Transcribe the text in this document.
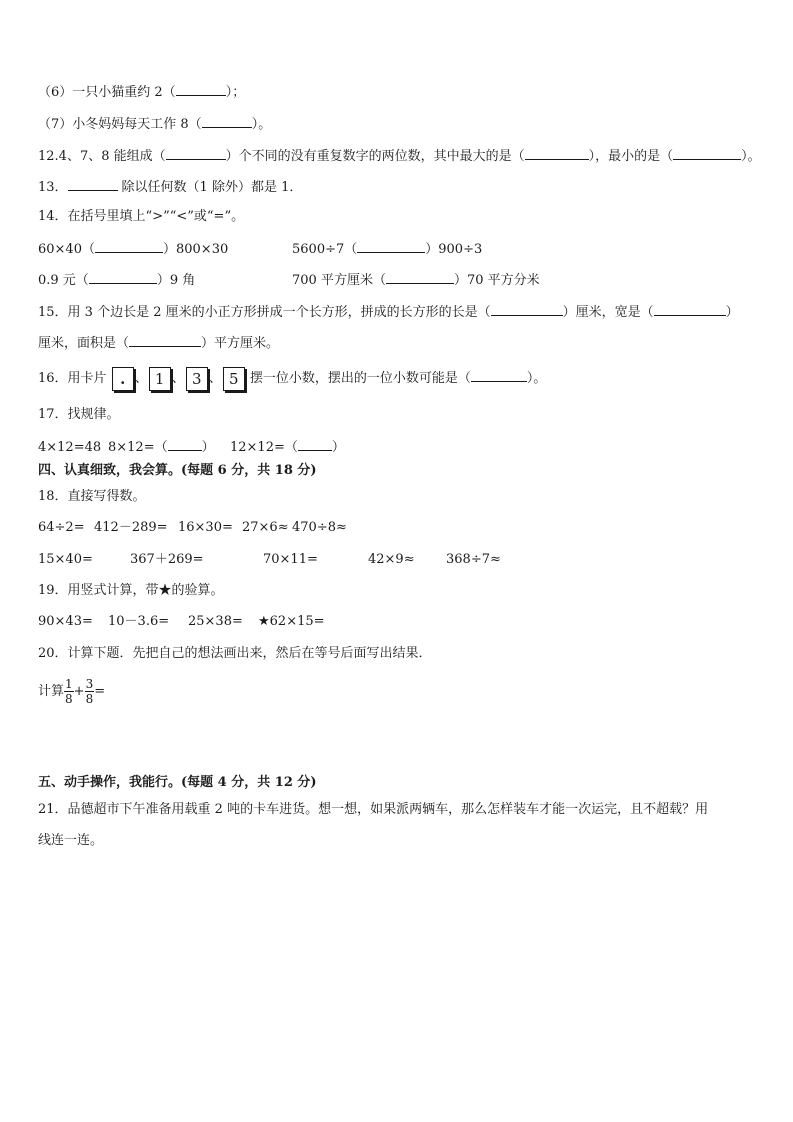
（6）一只小猫重约 2（	）；
（7）小冬妈妈每天工作 8（	）。
12.4、7、8 能组成（	）个不同的没有重复数字的两位数，其中最大的是（	），最小的是（	）。
13．	除以任何数（1 除外）都是 1．
14．在括号里填上“>”“<”或“=”。
60×40（	）800×30	5600÷7（	）900÷3
0.9 元（	）9 角	700 平方厘米（	）70 平方分米
15．用 3 个边长是 2 厘米的小正方形拼成一个长方形，拼成的长方形的长是（	）厘米，宽是（	）
厘米，面积是（	）平方厘米。
16．用卡片 . 、 1 、 3 、 5 摆一位小数，摆出的一位小数可能是（	）。
17．找规律。
4×12=48 8×12=（	） 12×12=（	）
四、认真细致，我会算。(每题 6 分，共 18 分)
18．直接写得数。
64÷2= 412－289= 16×30= 27×6≈ 470÷8≈
15×40=	367＋269=	70×11=	42×9≈ 368÷7≈
19．用竖式计算，带★的验算。
90×43= 10－3.6= 25×38= ★62×15=
20．计算下题．先把自己的想法画出来，然后在等号后面写出结果．
计算 $\frac{1}{8} + \frac{3}{8}$ =
五、动手操作，我能行。(每题 4 分，共 12 分)
21．品德超市下午准备用载重 2 吨的卡车进货。想一想，如果派两辆车，那么怎样装车才能一次运完，且不超载？用
线连一连。
